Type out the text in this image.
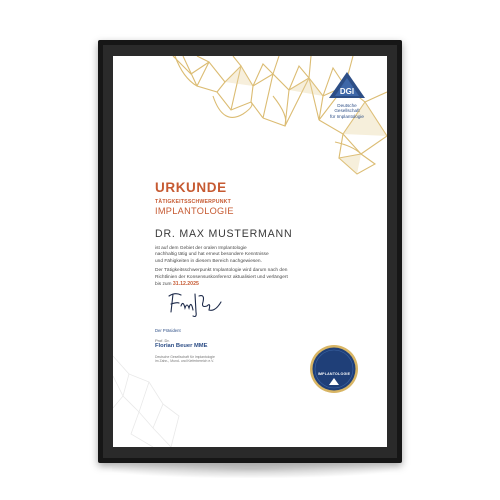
DGI
Deutsche Gesellschaft
für Implantologie
URKUNDE
TÄTIGKEITSSCHWERPUNKT
IMPLANTOLOGIE
DR. MAX MUSTERMANN
ist auf dem Gebiet der oralen Implantologie
nachhaltig tätig und hat erneut besondere Kenntnisse
und Fähigkeiten in diesem Bereich nachgewiesen.
Der Tätigkeitsschwerpunkt Implantologie wird darum nach den
Richtlinien der Konsensuskonferenz aktualisiert und verlängert
bis zum 31.12.2025
Der Präsident
Prof. Dr.
Florian Beuer MME
Deutsche Gesellschaft für Implantologie
im Zahn-, Mund- und Kieferbereich e.V.
IMPLANTOLOGIE
